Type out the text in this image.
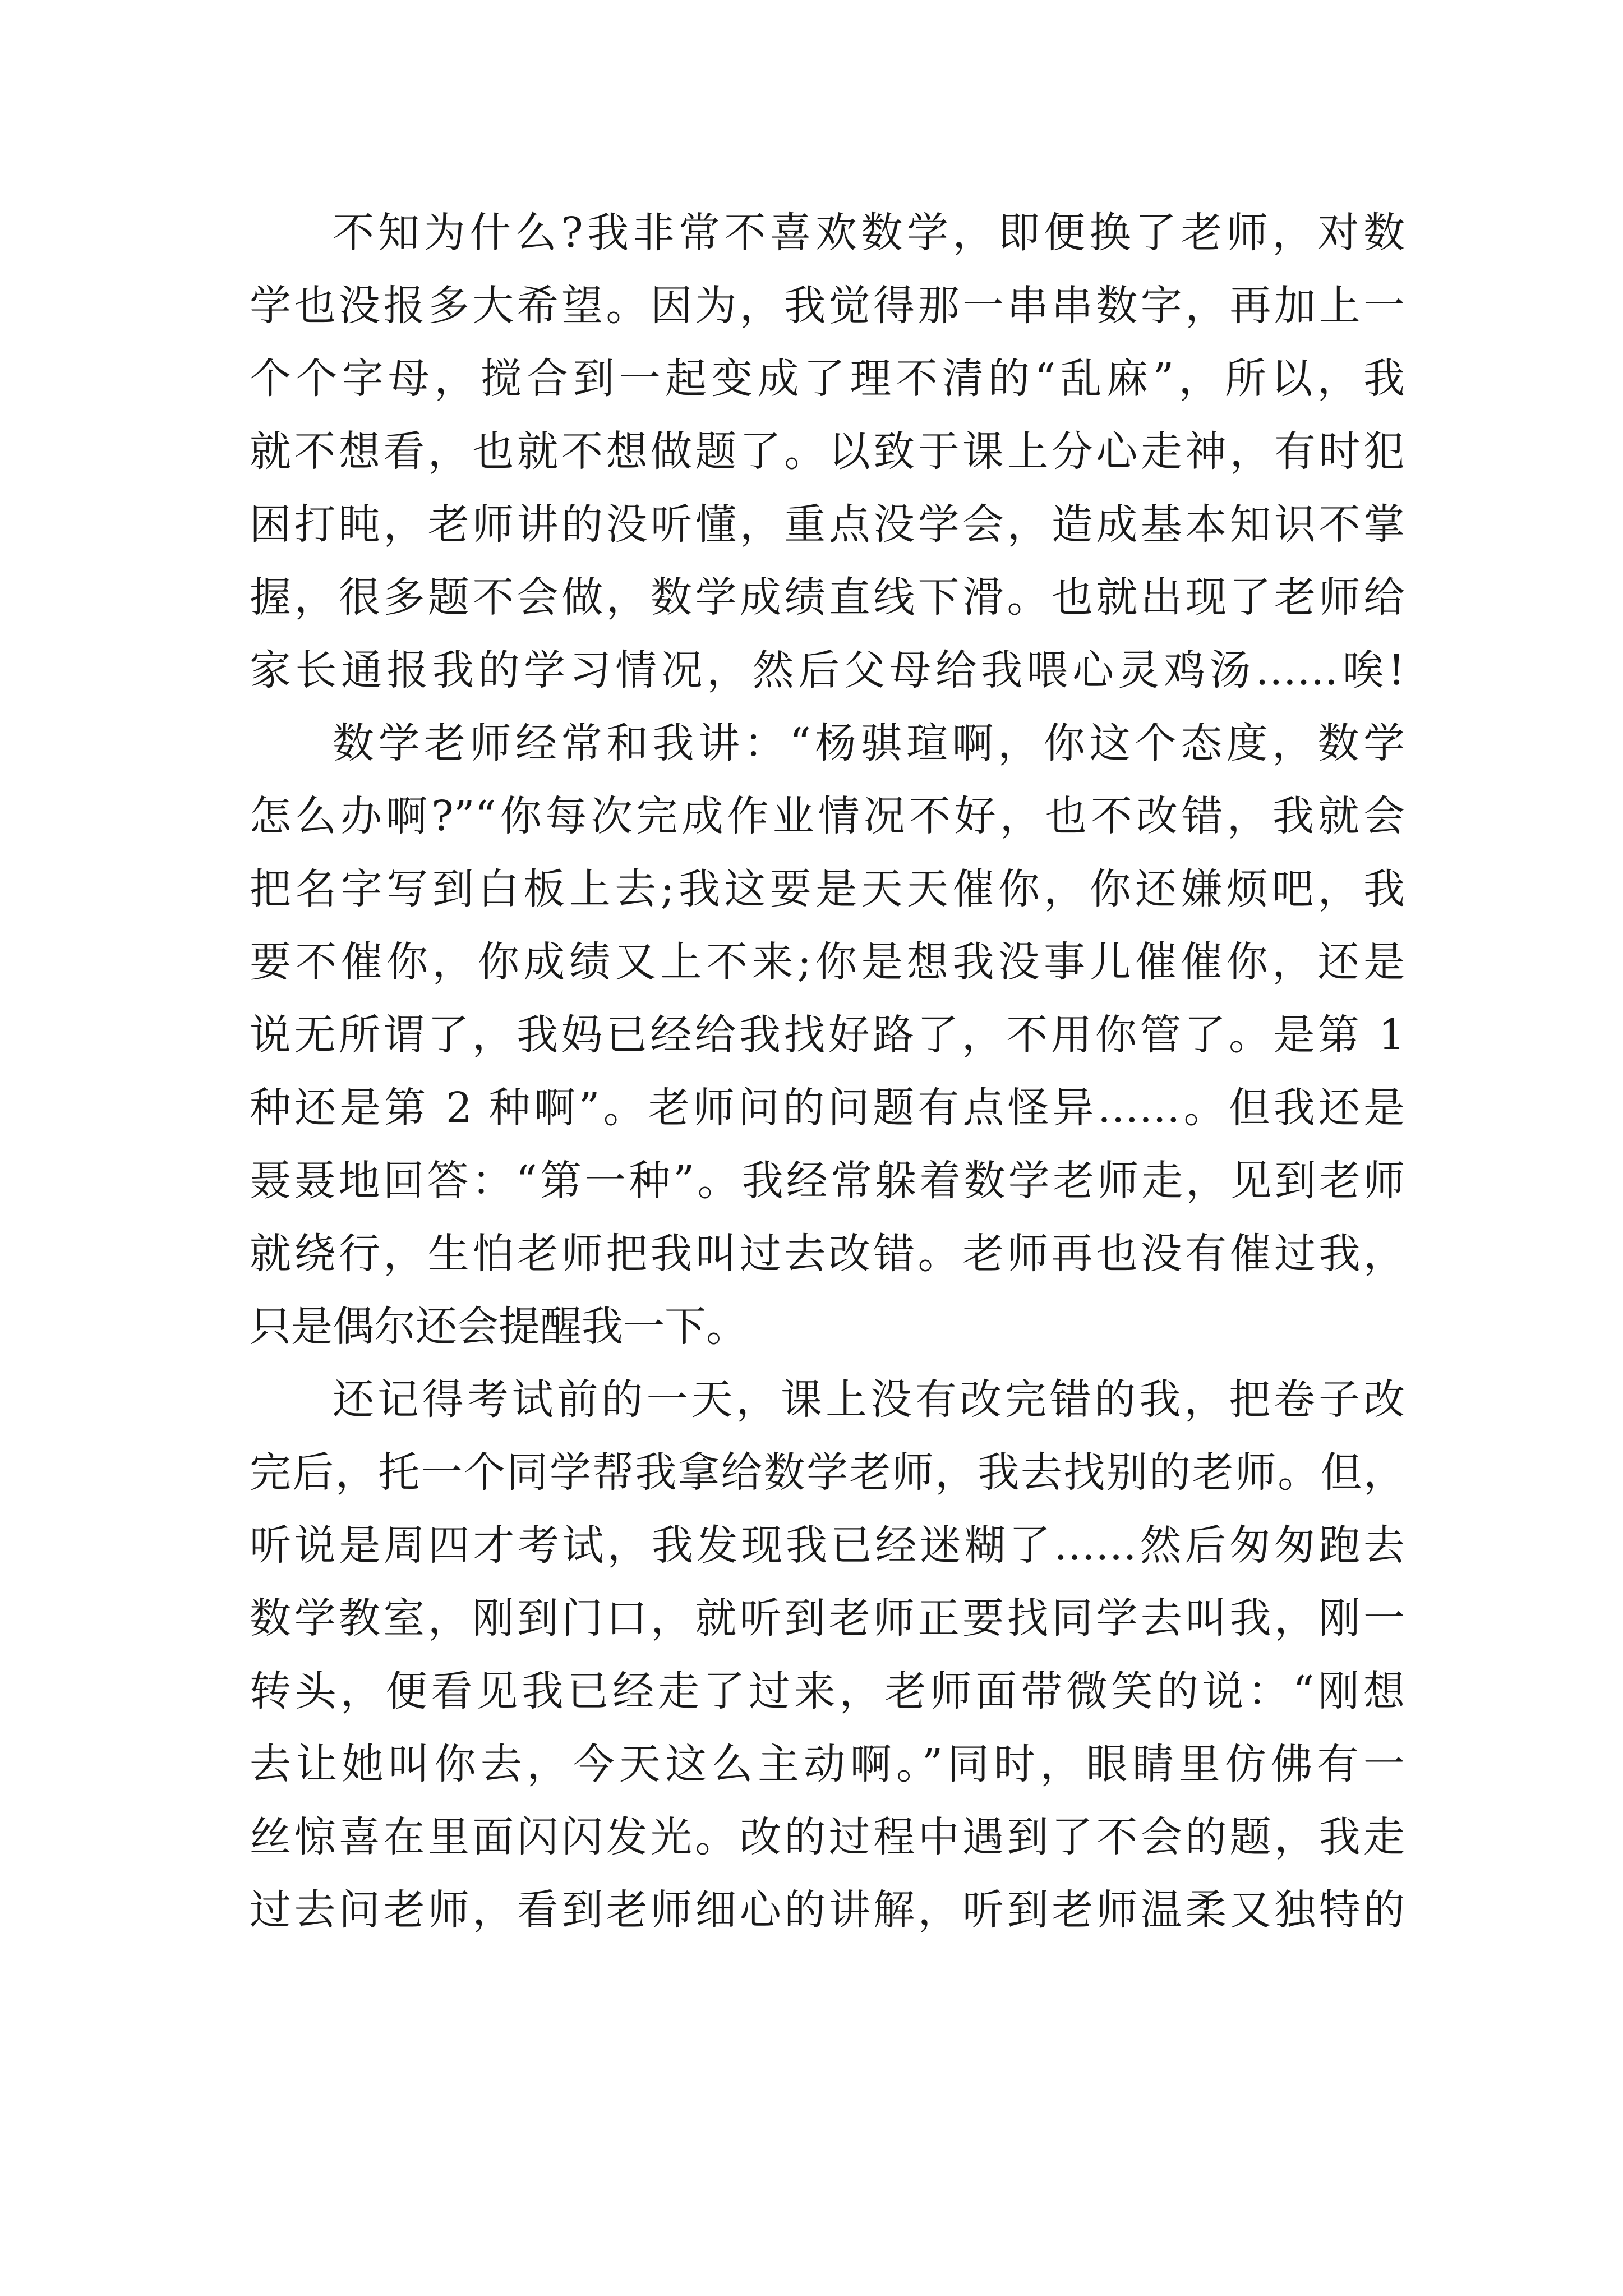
不知为什么?我非常不喜欢数学，即便换了老师，对数
学也没报多大希望。因为，我觉得那一串串数字，再加上一
个个字母，搅合到一起变成了理不清的“乱麻”，所以，我
就不想看，也就不想做题了。以致于课上分心走神，有时犯
困打盹，老师讲的没听懂，重点没学会，造成基本知识不掌
握，很多题不会做，数学成绩直线下滑。也就出现了老师给
家长通报我的学习情况，然后父母给我喂心灵鸡汤……唉!
数学老师经常和我讲：“杨骐瑄啊，你这个态度，数学
怎么办啊?”“你每次完成作业情况不好，也不改错，我就会
把名字写到白板上去;我这要是天天催你，你还嫌烦吧，我
要不催你，你成绩又上不来;你是想我没事儿催催你，还是
说无所谓了，我妈已经给我找好路了，不用你管了。是第 1
种还是第 2 种啊”。老师问的问题有点怪异……。但我还是
聂聂地回答：“第一种”。我经常躲着数学老师走，见到老师
就绕行，生怕老师把我叫过去改错。老师再也没有催过我，
只是偶尔还会提醒我一下。
还记得考试前的一天，课上没有改完错的我，把卷子改
完后，托一个同学帮我拿给数学老师，我去找别的老师。但，
听说是周四才考试，我发现我已经迷糊了……然后匆匆跑去
数学教室，刚到门口，就听到老师正要找同学去叫我，刚一
转头，便看见我已经走了过来，老师面带微笑的说：“刚想
去让她叫你去，今天这么主动啊。”同时，眼睛里仿佛有一
丝惊喜在里面闪闪发光。改的过程中遇到了不会的题，我走
过去问老师，看到老师细心的讲解，听到老师温柔又独特的
